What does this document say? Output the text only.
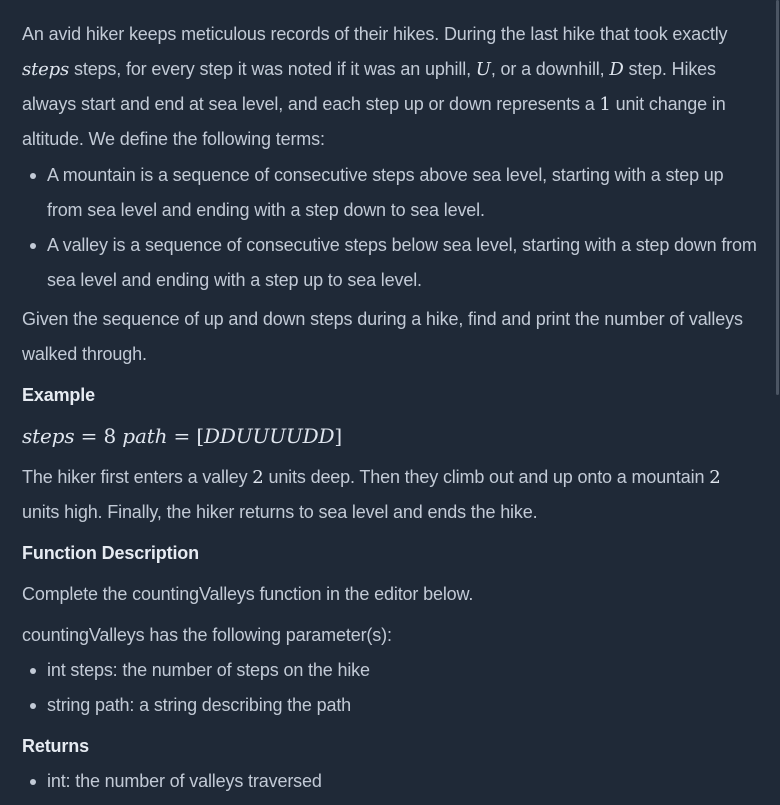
An avid hiker keeps meticulous records of their hikes. During the last hike that took exactly steps steps, for every step it was noted if it was an uphill, U, or a downhill, D step. Hikes always start and end at sea level, and each step up or down represents a 1 unit change in altitude. We define the following terms:

A mountain is a sequence of consecutive steps above sea level, starting with a step up from sea level and ending with a step down to sea level.
A valley is a sequence of consecutive steps below sea level, starting with a step down from sea level and ending with a step up to sea level.

Given the sequence of up and down steps during a hike, find and print the number of valleys walked through.

Example

steps = 8 path = [DDUUUUDD]

The hiker first enters a valley 2 units deep. Then they climb out and up onto a mountain 2 units high. Finally, the hiker returns to sea level and ends the hike.

Function Description

Complete the countingValleys function in the editor below.

countingValleys has the following parameter(s):

int steps: the number of steps on the hike
string path: a string describing the path

Returns

int: the number of valleys traversed
